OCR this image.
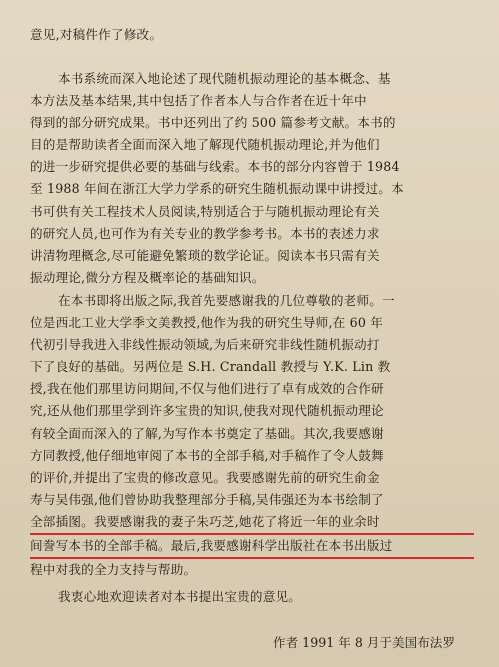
意见,对稿件作了修改。

本书系统而深入地论述了现代随机振动理论的基本概念、基
本方法及基本结果,其中包括了作者本人与合作者在近十年中
得到的部分研究成果。书中还列出了约 500 篇参考文献。本书的
目的是帮助读者全面而深入地了解现代随机振动理论,并为他们
的进一步研究提供必要的基础与线索。本书的部分内容曾于 1984
至 1988 年间在浙江大学力学系的研究生随机振动课中讲授过。本
书可供有关工程技术人员阅读,特别适合于与随机振动理论有关
的研究人员,也可作为有关专业的教学参考书。本书的表述力求
讲清物理概念,尽可能避免繁琐的数学论证。阅读本书只需有关
振动理论,微分方程及概率论的基础知识。

在本书即将出版之际,我首先要感谢我的几位尊敬的老师。一
位是西北工业大学季文美教授,他作为我的研究生导师,在 60 年
代初引导我进入非线性振动领域,为后来研究非线性随机振动打
下了良好的基础。另两位是 S.H. Crandall 教授与 Y.K. Lin 教
授,我在他们那里访问期间,不仅与他们进行了卓有成效的合作研
究,还从他们那里学到许多宝贵的知识,使我对现代随机振动理论
有较全面而深入的了解,为写作本书奠定了基础。其次,我要感谢
方同教授,他仔细地审阅了本书的全部手稿,对手稿作了令人鼓舞
的评价,并提出了宝贵的修改意见。我要感谢先前的研究生俞金
寿与吴伟强,他们曾协助我整理部分手稿,吴伟强还为本书绘制了
全部插图。我要感谢我的妻子朱巧芝,她花了将近一年的业余时
间誊写本书的全部手稿。最后,我要感谢科学出版社在本书出版过
程中对我的全力支持与帮助。

我衷心地欢迎读者对本书提出宝贵的意见。

作者 1991 年 8 月于美国布法罗
